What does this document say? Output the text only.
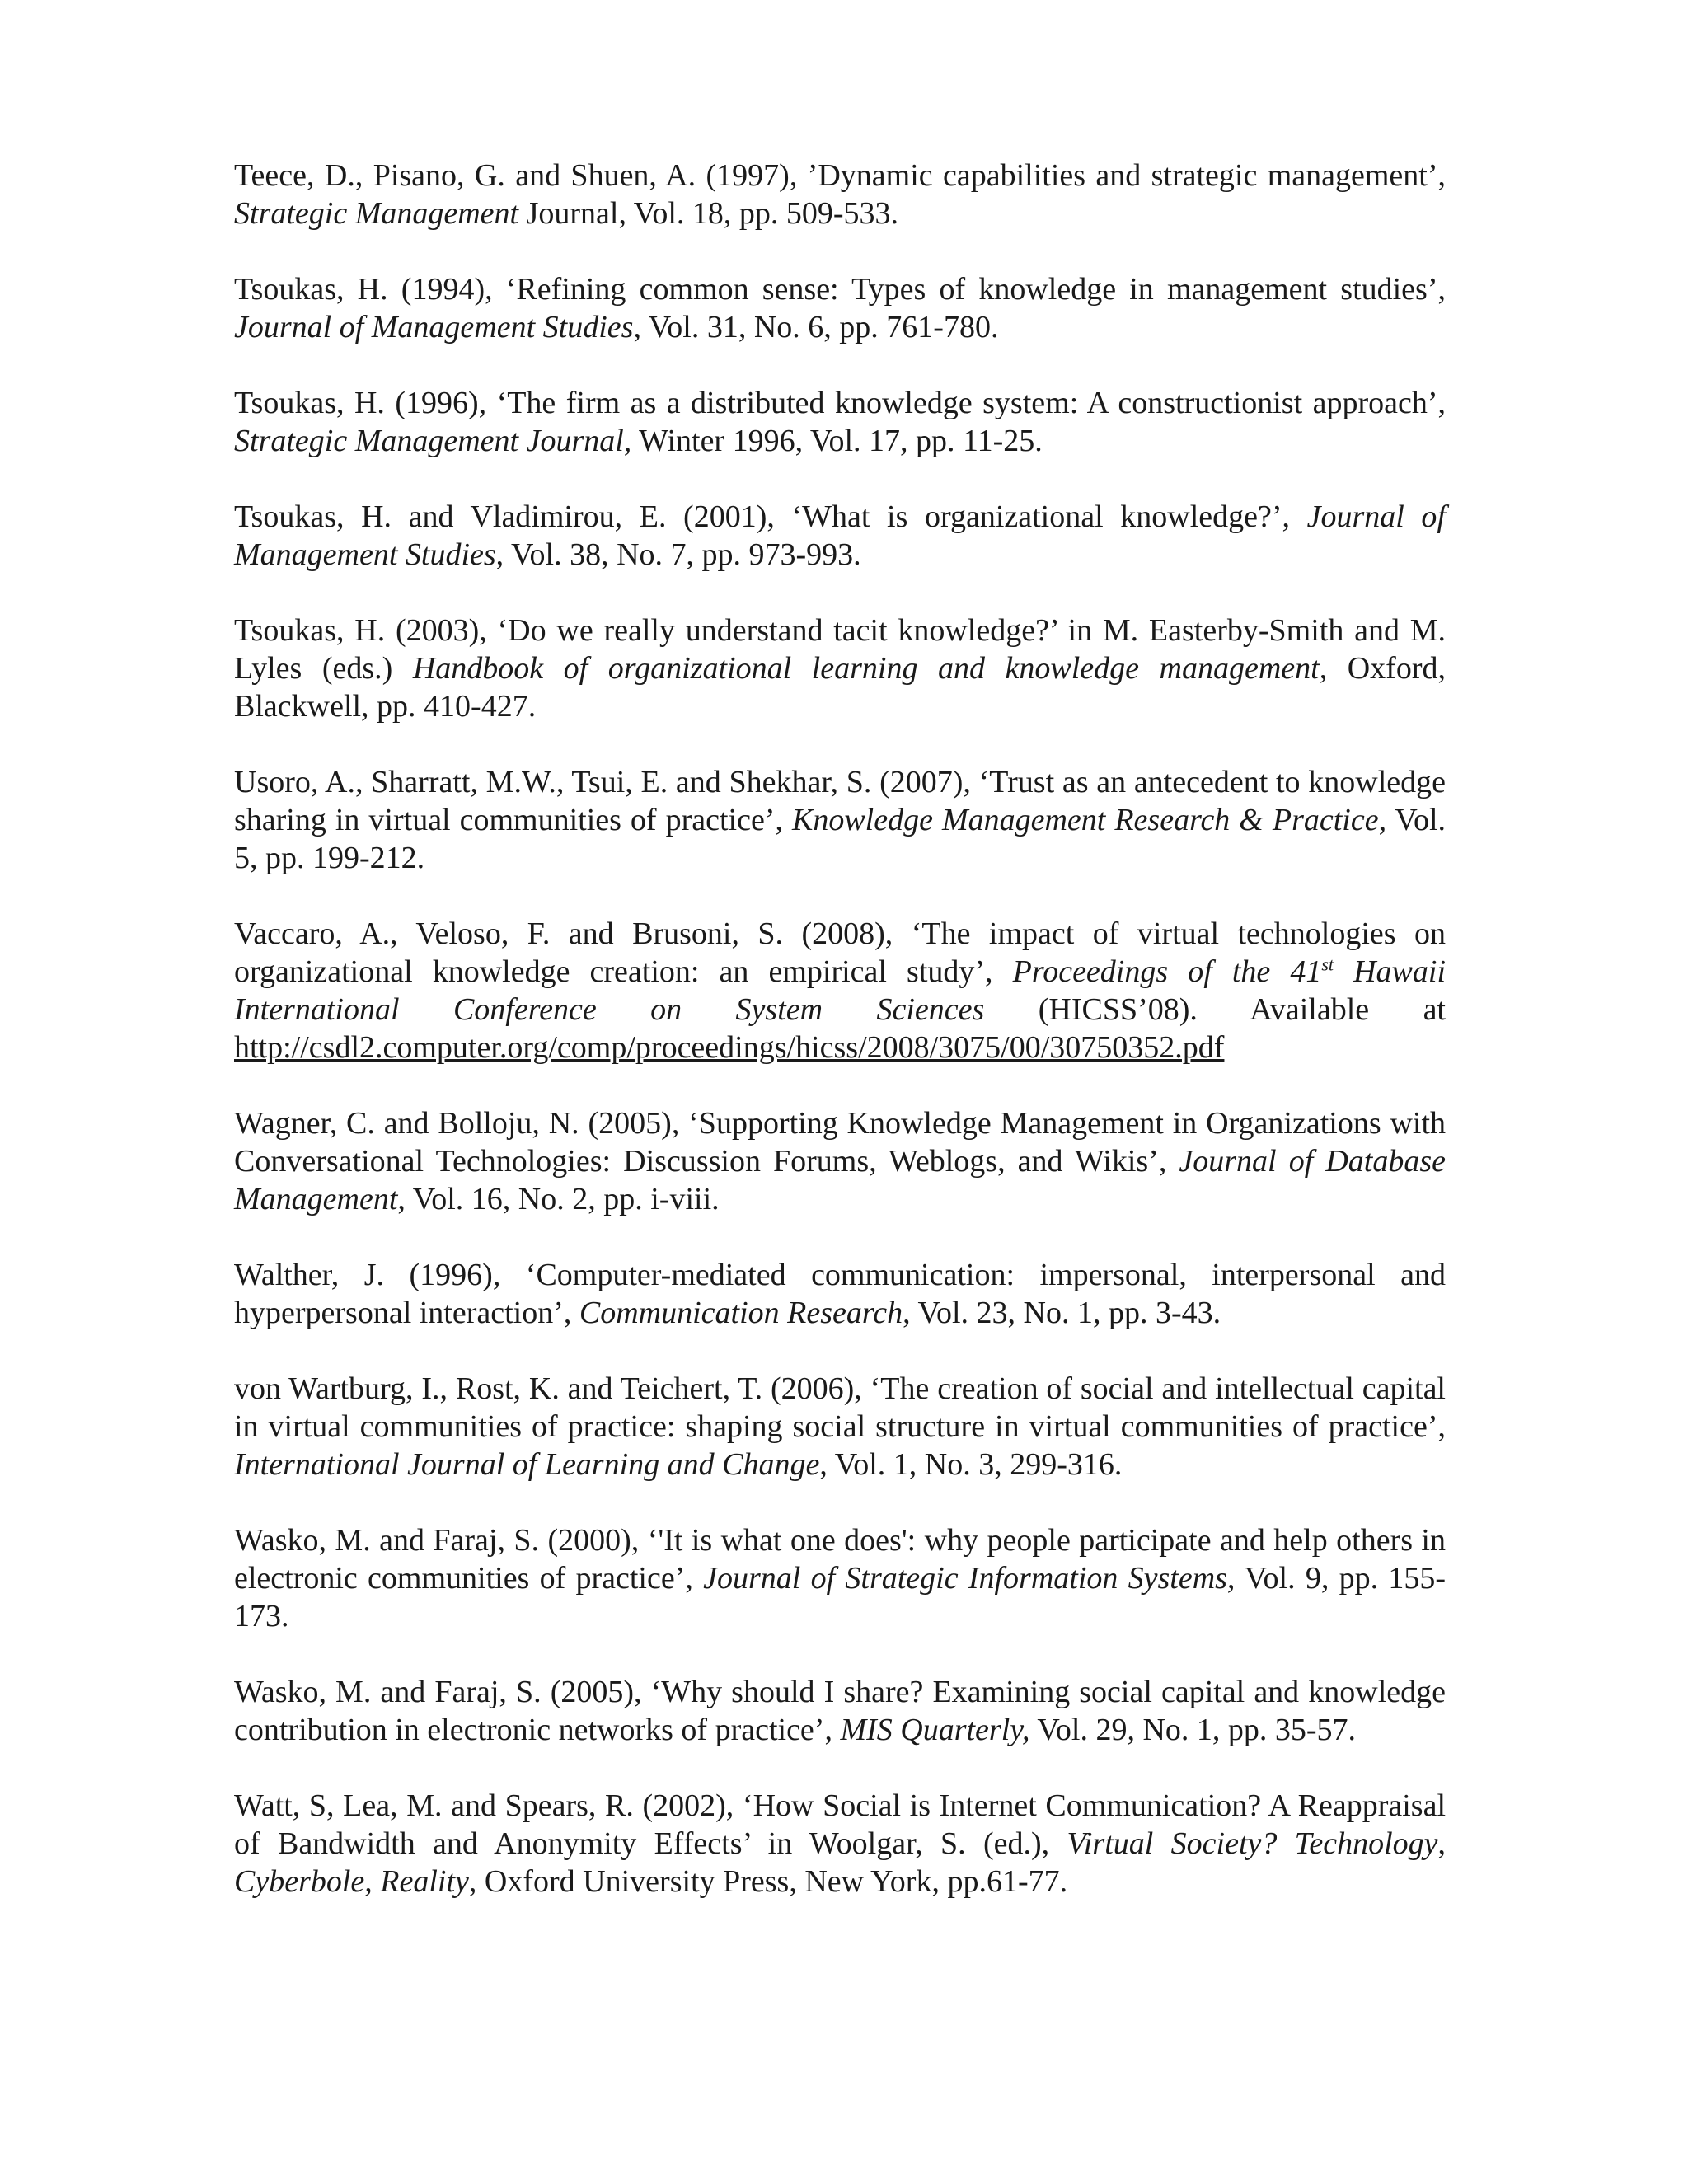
Teece, D., Pisano, G. and Shuen, A. (1997), ’Dynamic capabilities and strategic management’, Strategic Management Journal, Vol. 18, pp. 509-533.

Tsoukas, H. (1994), ‘Refining common sense: Types of knowledge in management studies’, Journal of Management Studies, Vol. 31, No. 6, pp. 761-780.

Tsoukas, H. (1996), ‘The firm as a distributed knowledge system: A constructionist approach’, Strategic Management Journal, Winter 1996, Vol. 17, pp. 11-25.

Tsoukas, H. and Vladimirou, E. (2001), ‘What is organizational knowledge?’, Journal of Management Studies, Vol. 38, No. 7, pp. 973-993.

Tsoukas, H. (2003), ‘Do we really understand tacit knowledge?’ in M. Easterby-Smith and M. Lyles (eds.) Handbook of organizational learning and knowledge management, Oxford, Blackwell, pp. 410-427.

Usoro, A., Sharratt, M.W., Tsui, E. and Shekhar, S. (2007), ‘Trust as an antecedent to knowledge sharing in virtual communities of practice’, Knowledge Management Research & Practice, Vol. 5, pp. 199-212.

Vaccaro, A., Veloso, F. and Brusoni, S. (2008), ‘The impact of virtual technologies on organizational knowledge creation: an empirical study’, Proceedings of the 41st Hawaii International Conference on System Sciences (HICSS’08). Available at http://csdl2.computer.org/comp/proceedings/hicss/2008/3075/00/30750352.pdf

Wagner, C. and Bolloju, N. (2005), ‘Supporting Knowledge Management in Organizations with Conversational Technologies: Discussion Forums, Weblogs, and Wikis’, Journal of Database Management, Vol. 16, No. 2, pp. i-viii.

Walther, J. (1996), ‘Computer-mediated communication: impersonal, interpersonal and hyperpersonal interaction’, Communication Research, Vol. 23, No. 1, pp. 3-43.

von Wartburg, I., Rost, K. and Teichert, T. (2006), ‘The creation of social and intellectual capital in virtual communities of practice: shaping social structure in virtual communities of practice’, International Journal of Learning and Change, Vol. 1, No. 3, 299-316.

Wasko, M. and Faraj, S. (2000), ‘'It is what one does': why people participate and help others in electronic communities of practice’, Journal of Strategic Information Systems, Vol. 9, pp. 155-173.

Wasko, M. and Faraj, S. (2005), ‘Why should I share? Examining social capital and knowledge contribution in electronic networks of practice’, MIS Quarterly, Vol. 29, No. 1, pp. 35-57.

Watt, S, Lea, M. and Spears, R. (2002), ‘How Social is Internet Communication? A Reappraisal of Bandwidth and Anonymity Effects’ in Woolgar, S. (ed.), Virtual Society? Technology, Cyberbole, Reality, Oxford University Press, New York, pp.61-77.
